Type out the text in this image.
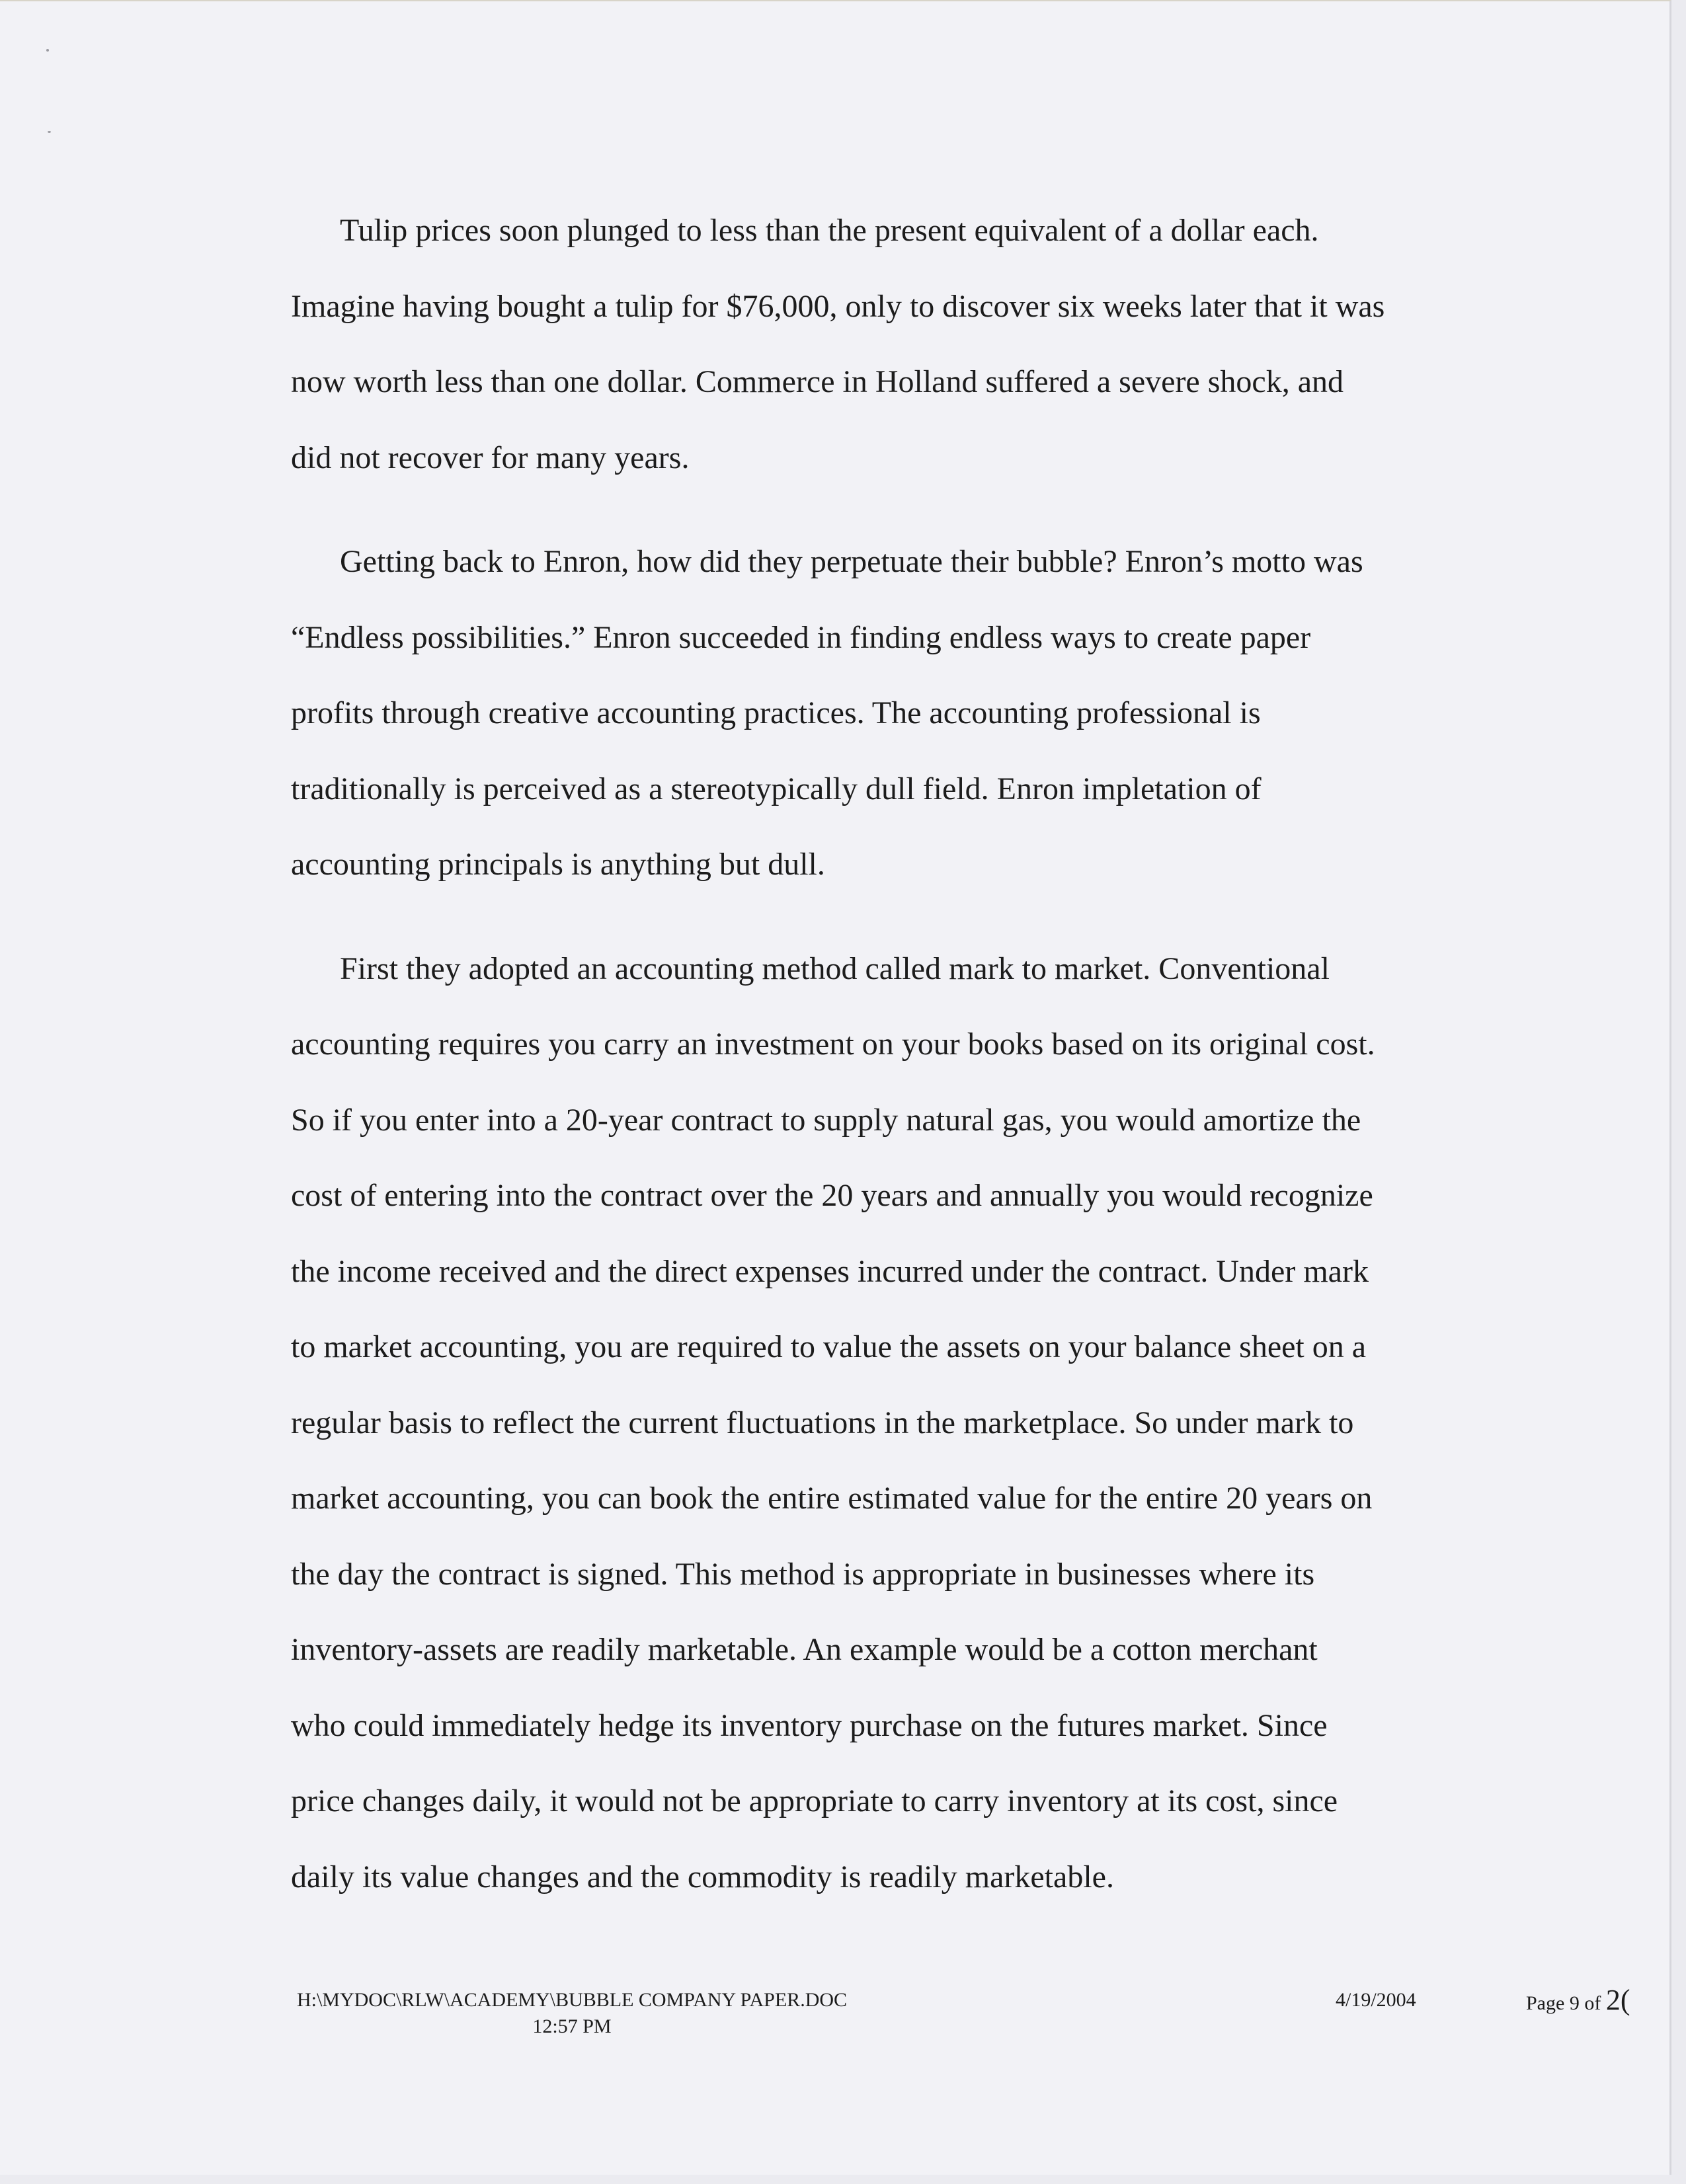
Tulip prices soon plunged to less than the present equivalent of a dollar each.
Imagine having bought a tulip for $76,000, only to discover six weeks later that it was
now worth less than one dollar. Commerce in Holland suffered a severe shock, and
did not recover for many years.

Getting back to Enron, how did they perpetuate their bubble? Enron’s motto was
“Endless possibilities.” Enron succeeded in finding endless ways to create paper
profits through creative accounting practices. The accounting professional is
traditionally is perceived as a stereotypically dull field. Enron impletation of
accounting principals is anything but dull.

First they adopted an accounting method called mark to market. Conventional
accounting requires you carry an investment on your books based on its original cost.
So if you enter into a 20-year contract to supply natural gas, you would amortize the
cost of entering into the contract over the 20 years and annually you would recognize
the income received and the direct expenses incurred under the contract. Under mark
to market accounting, you are required to value the assets on your balance sheet on a
regular basis to reflect the current fluctuations in the marketplace. So under mark to
market accounting, you can book the entire estimated value for the entire 20 years on
the day the contract is signed. This method is appropriate in businesses where its
inventory-assets are readily marketable. An example would be a cotton merchant
who could immediately hedge its inventory purchase on the futures market. Since
price changes daily, it would not be appropriate to carry inventory at its cost, since
daily its value changes and the commodity is readily marketable.

H:\MYDOC\RLW\ACADEMY\BUBBLE COMPANY PAPER.DOC
12:57 PM
4/19/2004	Page 9 of 2(
